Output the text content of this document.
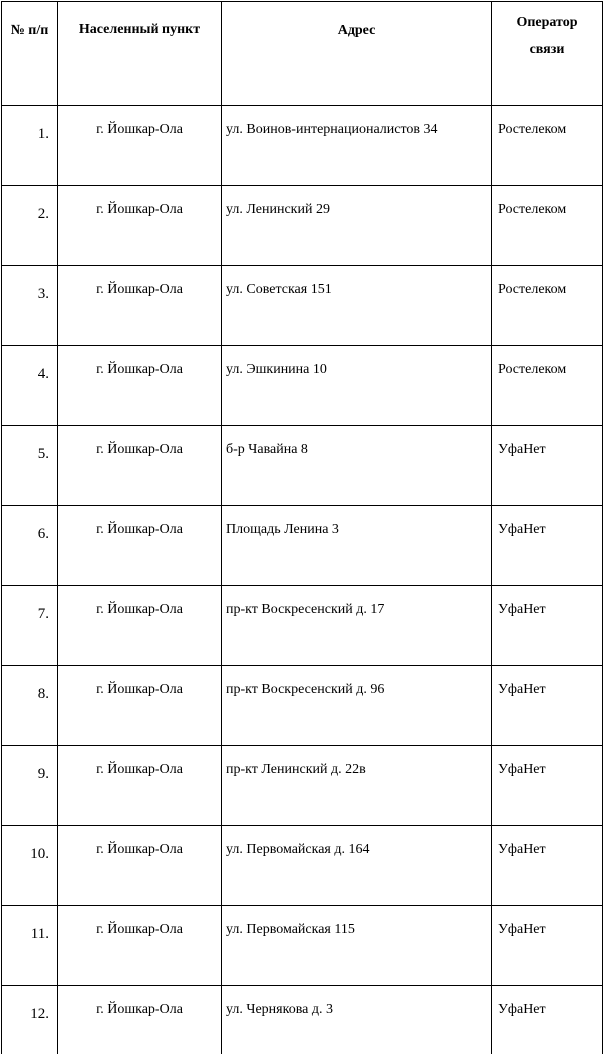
№ п/п	Населенный пункт	Адрес	Оператор
связи

1.	г. Йошкар-Ола	ул. Воинов-интернационалистов 34	Ростелеком
2.	г. Йошкар-Ола	ул. Ленинский 29	Ростелеком
3.	г. Йошкар-Ола	ул. Советская 151	Ростелеком
4.	г. Йошкар-Ола	ул. Эшкинина 10	Ростелеком
5.	г. Йошкар-Ола	б-р Чавайна 8	УфаНет
6.	г. Йошкар-Ола	Площадь Ленина 3	УфаНет
7.	г. Йошкар-Ола	пр-кт Воскресенский д. 17	УфаНет
8.	г. Йошкар-Ола	пр-кт Воскресенский д. 96	УфаНет
9.	г. Йошкар-Ола	пр-кт Ленинский д. 22в	УфаНет
10.	г. Йошкар-Ола	ул. Первомайская д. 164	УфаНет
11.	г. Йошкар-Ола	ул. Первомайская 115	УфаНет
12.	г. Йошкар-Ола	ул. Чернякова д. 3	УфаНет
